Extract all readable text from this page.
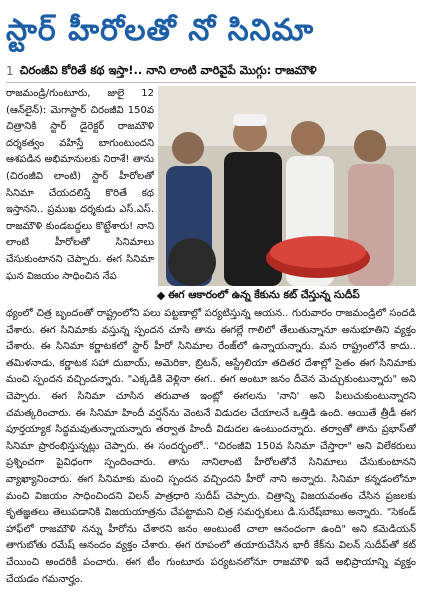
స్టార్ హీరోలతో నో సినిమా
1 చిరంజీవి కోరితే కథ ఇస్తా!.. నాని లాంటి వారివైపే మొగ్గు: రాజమౌళి

రాజమండ్రి/గుంటూరు, జులై 12 (ఆన్‌లైన్): మెగాస్టార్ చిరంజీవి 150వ చిత్రానికి స్టార్ డైరెక్టర్ రాజమౌళి దర్శకత్వం వహిస్తే బాగుంటుందని ఆశపడిన అభిమానులకు నిరాశే! తాను (చిరంజీవి లాంటి) స్టార్ హీరోలతో సినిమా చేయదలిస్తే కొరితే కథ ఇస్తానని.. ప్రముఖ దర్శకుడు ఎస్.ఎస్. రాజమౌళి కుండబద్దలు కొట్టేశారు! నాని లాంటి హీరోలతో సినిమాలు చేసుకుంటానని చెప్పారు. ఈగ సినిమా ఘన విజయం సాధించిన నేప

ఈగ ఆకారంలో ఉన్న కేకును కట్ చేస్తున్న సుదీప్

థ్యంలో చిత్ర బృందంతో రాష్ట్రంలోని పలు పట్టణాల్లో పర్యటిస్తున్న ఆయన.. గురువారం రాజమండ్రిలో సందడి చేశారు. ఈగ సినిమాకు వస్తున్న స్పందన చూసి తాను ఈగల్లే గాలిలో తేలుతున్నానూ అనుభూతిని వ్యక్తం చేశారు. ఈ సినిమా కర్ణాటకలో స్టార్ హీరో సినిమాల రేంజ్‌లో ఉన్నాయన్నారు. మన రాష్ట్రంలోనే కాదు.. తమిళనాడు, కర్ణాటక సహా దుబాయ్, అమెరికా, బ్రిటన్, ఆస్ట్రేలియా తదితర దేశాల్లో సైతం ఈగ సినిమాకు మంచి స్పందన వచ్చిందన్నారు. "ఎక్కడికి వెళ్లినా ఈగ.. ఈగ అంటూ జనం దీవెన మెచ్చుకుంటున్నారు" అని చెప్పారు. ఈగ సినిమా చూసిన తరువాత ఇంట్లో ఈగలను 'నాని' అని పిలుచుకుంటున్నారని చమత్కరించారు. ఈ సినిమా హిందీ వర్షన్‌ను వెంటనే విడుదల చేయాలనే ఒత్తిడి ఉంది. ఆయితే త్రీడీ ఈగ పూర్తయ్యాక సిద్ధమవుతున్నాయన్నారు తర్వాత హిందీ విడుదల ఉంటుందన్నారు. తర్వాతో తాను ప్రభాస్‌తో సినిమా ప్రారంభిస్తున్నట్లు చెప్పారు. ఈ సందర్భంలో.. "చిరంజీవి 150వ సినిమా చేస్తారా" అని విలేకరులు ప్రశ్నించగా పైవిధంగా స్పందించారు. తాను నానిలాంటి హీరోలతోనే సినిమాలు చేసుకుంటానని వ్యాఖ్యానించారు. ఈగ సినిమాకు మంచి స్పందన వచ్చిందని హీరో నాని అన్నారు. సినిమా కన్నడంలోనూ మంచి విజయం సాధించిందని విలన్ పాత్రధారి సుదీప్ చెప్పారు. చిత్రాన్ని విజయవంతం చేసిన ప్రజలకు కృతజ్ఞతలు తెలుపడానికి విజయయాత్రను చేపట్టామని చిత్ర సమర్పకులు డి.సురేష్‌బాబు అన్నారు. "సెకండ్ హాఫ్‌లో రాజమౌళి నన్ను హీరోను చేశారని జనం అంటుంటే చాలా ఆనందంగా ఉంది" అని కమెడియన్ తాగుబోతు రమేష్ ఆనందం వ్యక్తం చేశారు. ఈగ రూపంలో తయారుచేసిన భారీ కేక్‌ను విలన్ సుదీప్‌తో కట్ చేయించి అందరికీ పంచారు. ఈగ టీం గుంటూరు పర్యటనలోనూ రాజమౌళి ఇదే అభిప్రాయాన్ని వ్యక్తం చేయడం గమనార్హం.
